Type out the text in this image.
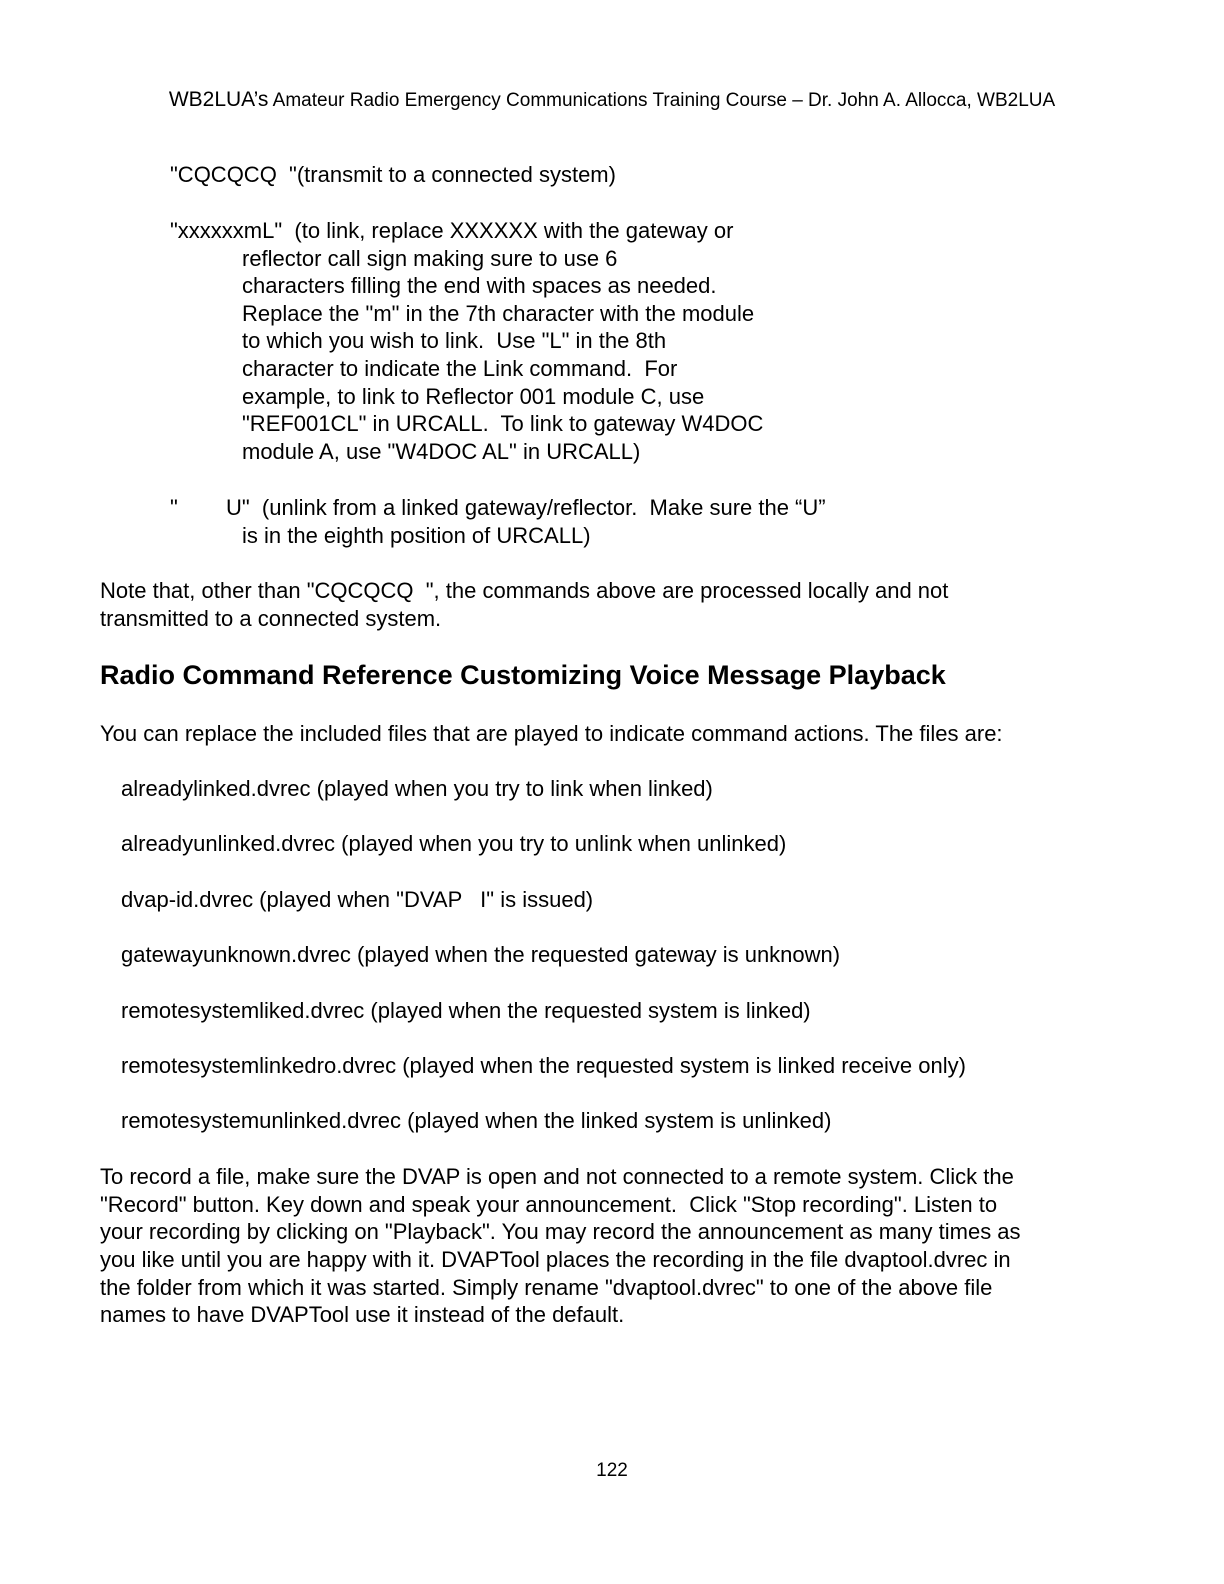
WB2LUA’s Amateur Radio Emergency Communications Training Course – Dr. John A. Allocca, WB2LUA
"CQCQCQ  "(transmit to a connected system)
"xxxxxxmL"  (to link, replace XXXXXX with the gateway or
reflector call sign making sure to use 6
characters filling the end with spaces as needed.
Replace the "m" in the 7th character with the module
to which you wish to link.  Use "L" in the 8th
character to indicate the Link command.  For
example, to link to Reflector 001 module C, use
"REF001CL" in URCALL.  To link to gateway W4DOC
module A, use "W4DOC AL" in URCALL)
" U"  (unlink from a linked gateway/reflector.  Make sure the “U”
is in the eighth position of URCALL)
Note that, other than "CQCQCQ  ", the commands above are processed locally and not
transmitted to a connected system.
Radio Command Reference Customizing Voice Message Playback
You can replace the included files that are played to indicate command actions. The files are:
alreadylinked.dvrec (played when you try to link when linked)
alreadyunlinked.dvrec (played when you try to unlink when unlinked)
dvap-id.dvrec (played when "DVAP   I" is issued)
gatewayunknown.dvrec (played when the requested gateway is unknown)
remotesystemliked.dvrec (played when the requested system is linked)
remotesystemlinkedro.dvrec (played when the requested system is linked receive only)
remotesystemunlinked.dvrec (played when the linked system is unlinked)
To record a file, make sure the DVAP is open and not connected to a remote system. Click the
"Record" button. Key down and speak your announcement.  Click "Stop recording". Listen to
your recording by clicking on "Playback". You may record the announcement as many times as
you like until you are happy with it. DVAPTool places the recording in the file dvaptool.dvrec in
the folder from which it was started. Simply rename "dvaptool.dvrec" to one of the above file
names to have DVAPTool use it instead of the default.
122
